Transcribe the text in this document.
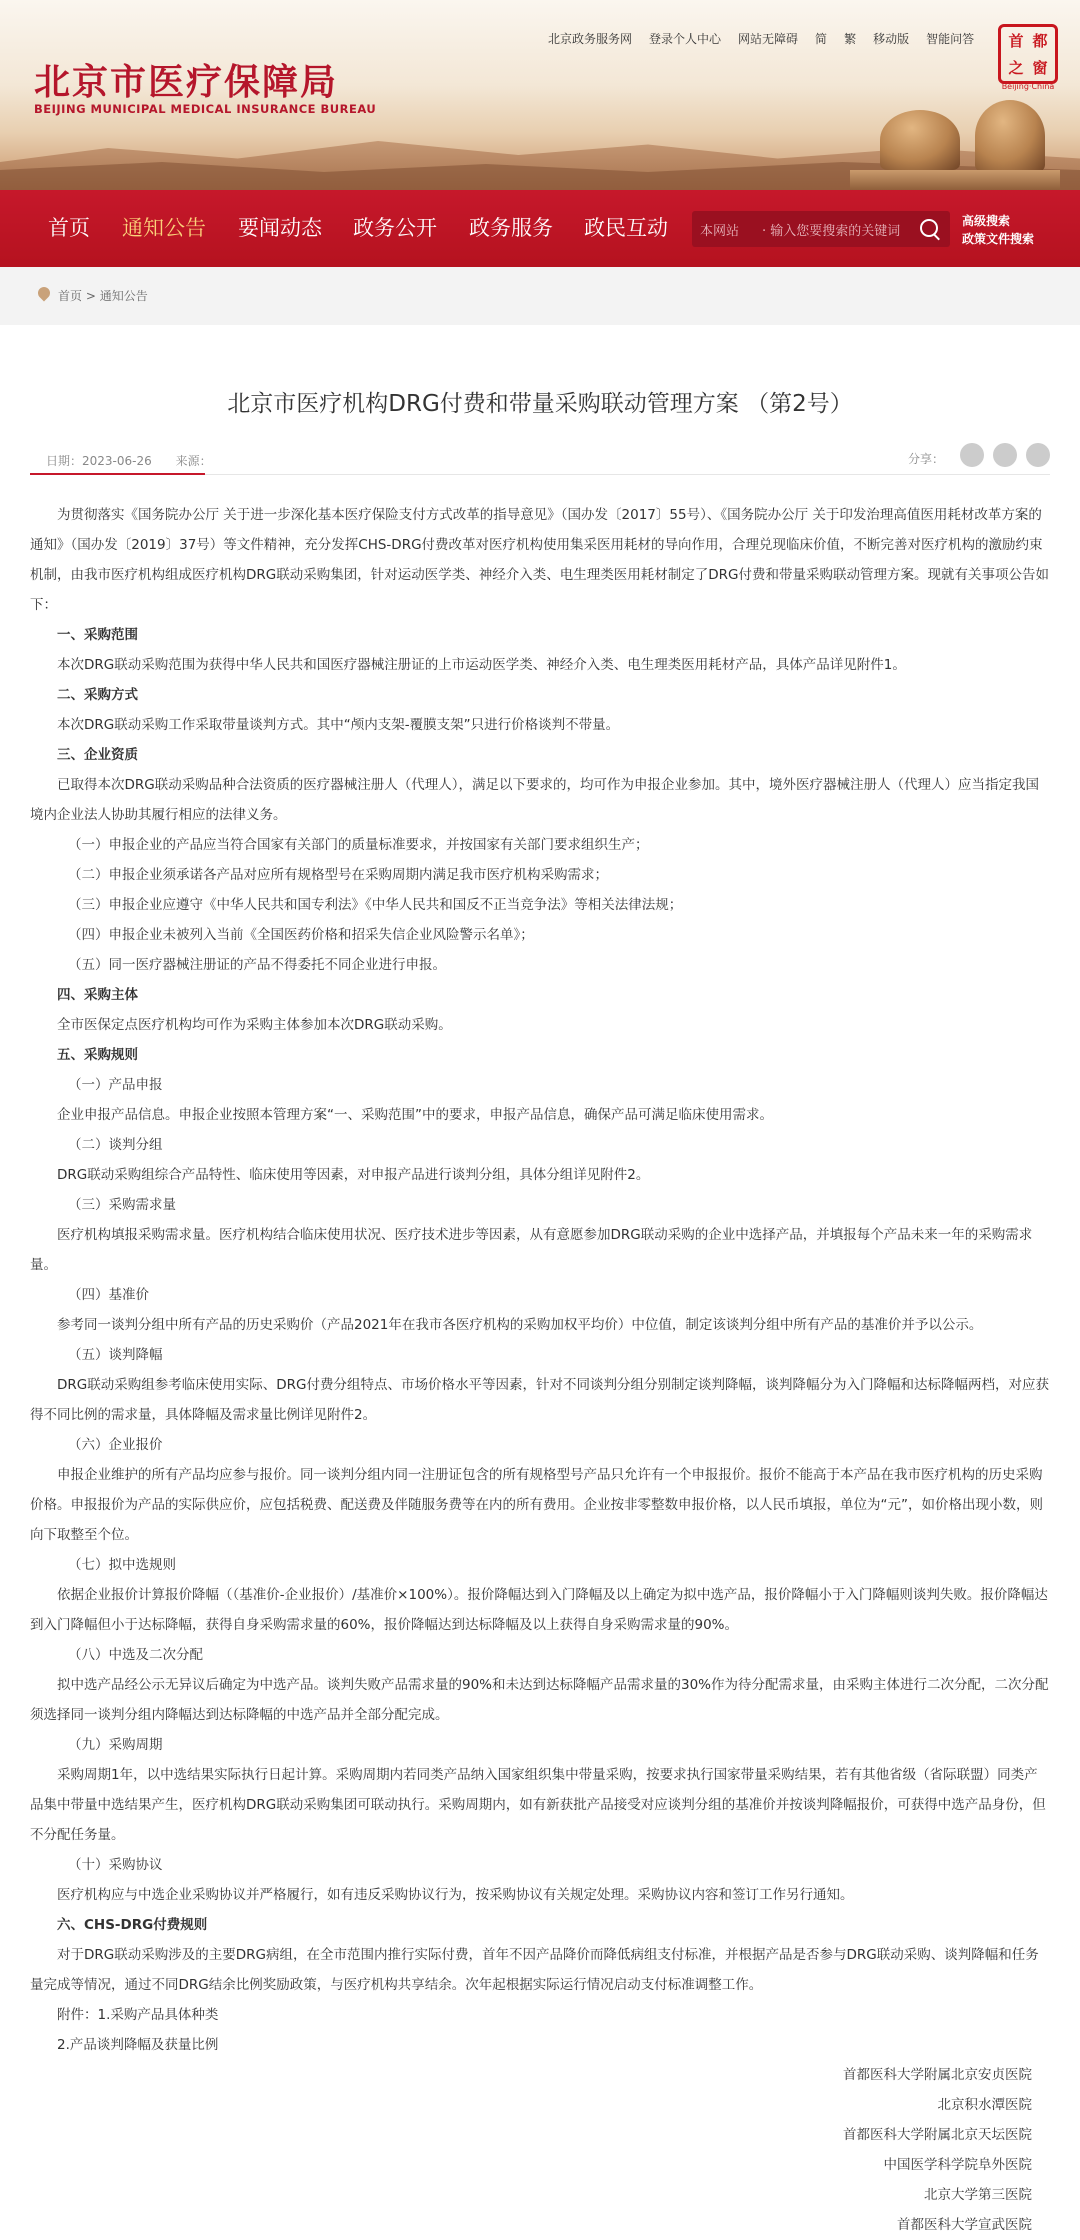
北京市医疗保障局
BEIJING MUNICIPAL MEDICAL INSURANCE BUREAU
北京政务服务网 登录个人中心 网站无障碍 简 繁 移动版 智能问答 首 都
之 窗
Beijing·China
首页 通知公告 要闻动态 政务公开 政务服务 政民互动 本网站 · 输入您要搜索的关键词
高级搜索
政策文件搜索
首页 > 通知公告
北京市医疗机构DRG付费和带量采购联动管理方案 （第2号）
日期：2023-06-26 来源：	分享：

为贯彻落实《国务院办公厅 关于进一步深化基本医疗保险支付方式改革的指导意见》（国办发〔2017〕55号）、《国务院办公厅 关于印发治理高值医用耗材改革方案的通知》（国办发〔2019〕37号）等文件精神，充分发挥CHS-DRG付费改革对医疗机构使用集采医用耗材的导向作用，合理兑现临床价值，不断完善对医疗机构的激励约束机制，由我市医疗机构组成医疗机构DRG联动采购集团，针对运动医学类、神经介入类、电生理类医用耗材制定了DRG付费和带量采购联动管理方案。现就有关事项公告如下：

一、采购范围

本次DRG联动采购范围为获得中华人民共和国医疗器械注册证的上市运动医学类、神经介入类、电生理类医用耗材产品，具体产品详见附件1。

二、采购方式

本次DRG联动采购工作采取带量谈判方式。其中“颅内支架-覆膜支架”只进行价格谈判不带量。

三、企业资质

已取得本次DRG联动采购品种合法资质的医疗器械注册人（代理人），满足以下要求的，均可作为申报企业参加。其中，境外医疗器械注册人（代理人）应当指定我国境内企业法人协助其履行相应的法律义务。

（一）申报企业的产品应当符合国家有关部门的质量标准要求，并按国家有关部门要求组织生产；

（二）申报企业须承诺各产品对应所有规格型号在采购周期内满足我市医疗机构采购需求；

（三）申报企业应遵守《中华人民共和国专利法》《中华人民共和国反不正当竞争法》等相关法律法规；

（四）申报企业未被列入当前《全国医药价格和招采失信企业风险警示名单》；

（五）同一医疗器械注册证的产品不得委托不同企业进行申报。

四、采购主体

全市医保定点医疗机构均可作为采购主体参加本次DRG联动采购。

五、采购规则

（一）产品申报

企业申报产品信息。申报企业按照本管理方案“一、采购范围”中的要求，申报产品信息，确保产品可满足临床使用需求。

（二）谈判分组

DRG联动采购组综合产品特性、临床使用等因素，对申报产品进行谈判分组，具体分组详见附件2。

（三）采购需求量

医疗机构填报采购需求量。医疗机构结合临床使用状况、医疗技术进步等因素，从有意愿参加DRG联动采购的企业中选择产品，并填报每个产品未来一年的采购需求量。

（四）基准价

参考同一谈判分组中所有产品的历史采购价（产品2021年在我市各医疗机构的采购加权平均价）中位值，制定该谈判分组中所有产品的基准价并予以公示。

（五）谈判降幅

DRG联动采购组参考临床使用实际、DRG付费分组特点、市场价格水平等因素，针对不同谈判分组分别制定谈判降幅，谈判降幅分为入门降幅和达标降幅两档，对应获得不同比例的需求量，具体降幅及需求量比例详见附件2。

（六）企业报价

申报企业维护的所有产品均应参与报价。同一谈判分组内同一注册证包含的所有规格型号产品只允许有一个申报报价。报价不能高于本产品在我市医疗机构的历史采购价格。申报报价为产品的实际供应价，应包括税费、配送费及伴随服务费等在内的所有费用。企业按非零整数申报价格，以人民币填报，单位为“元”，如价格出现小数，则向下取整至个位。

（七）拟中选规则

依据企业报价计算报价降幅（（基准价-企业报价）/基准价×100%）。报价降幅达到入门降幅及以上确定为拟中选产品，报价降幅小于入门降幅则谈判失败。报价降幅达到入门降幅但小于达标降幅，获得自身采购需求量的60%，报价降幅达到达标降幅及以上获得自身采购需求量的90%。

（八）中选及二次分配

拟中选产品经公示无异议后确定为中选产品。谈判失败产品需求量的90%和未达到达标降幅产品需求量的30%作为待分配需求量，由采购主体进行二次分配，二次分配须选择同一谈判分组内降幅达到达标降幅的中选产品并全部分配完成。

（九）采购周期

采购周期1年，以中选结果实际执行日起计算。采购周期内若同类产品纳入国家组织集中带量采购，按要求执行国家带量采购结果，若有其他省级（省际联盟）同类产品集中带量中选结果产生，医疗机构DRG联动采购集团可联动执行。采购周期内，如有新获批产品接受对应谈判分组的基准价并按谈判降幅报价，可获得中选产品身份，但不分配任务量。

（十）采购协议

医疗机构应与中选企业采购协议并严格履行，如有违反采购协议行为，按采购协议有关规定处理。采购协议内容和签订工作另行通知。

六、CHS-DRG付费规则

对于DRG联动采购涉及的主要DRG病组，在全市范围内推行实际付费，首年不因产品降价而降低病组支付标准，并根据产品是否参与DRG联动采购、谈判降幅和任务量完成等情况，通过不同DRG结余比例奖励政策，与医疗机构共享结余。次年起根据实际运行情况启动支付标准调整工作。

附件：1.采购产品具体种类

2.产品谈判降幅及获量比例

首都医科大学附属北京安贞医院

北京积水潭医院

首都医科大学附属北京天坛医院

中国医学科学院阜外医院

北京大学第三医院

首都医科大学宣武医院
